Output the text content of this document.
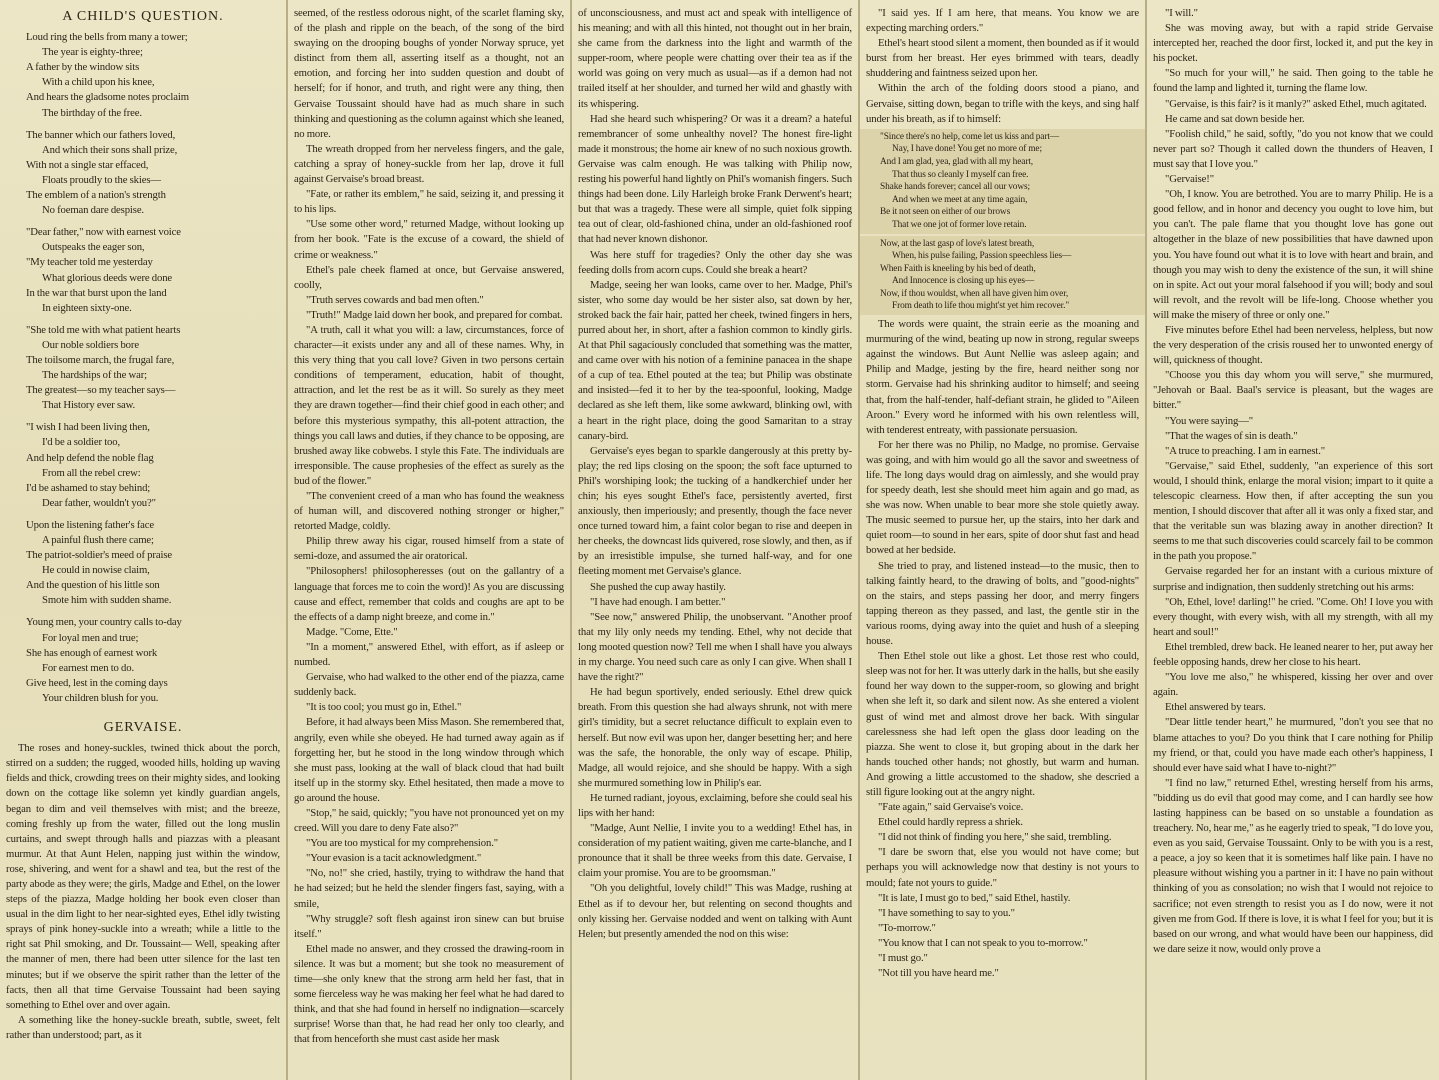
A CHILD'S QUESTION.
Loud ring the bells from many a tower;
The year is eighty-three;
A father by the window sits
With a child upon his knee,
And hears the gladsome notes proclaim
The birthday of the free.
The banner which our fathers loved,
And which their sons shall prize,
With not a single star effaced,
Floats proudly to the skies—
The emblem of a nation's strength
No foeman dare despise.
"Dear father," now with earnest voice
Outspeaks the eager son,
"My teacher told me yesterday
What glorious deeds were done
In the war that burst upon the land
In eighteen sixty-one.
"She told me with what patient hearts
Our noble soldiers bore
The toilsome march, the frugal fare,
The hardships of the war;
The greatest—so my teacher says—
That History ever saw.
"I wish I had been living then,
I'd be a soldier too,
And help defend the noble flag
From all the rebel crew:
I'd be ashamed to stay behind;
Dear father, wouldn't you?"
Upon the listening father's face
A painful flush there came;
The patriot-soldier's meed of praise
He could in nowise claim,
And the question of his little son
Smote him with sudden shame.
Young men, your country calls to-day
For loyal men and true;
She has enough of earnest work
For earnest men to do.
Give heed, lest in the coming days
Your children blush for you.
GERVAISE.

The roses and honey-suckles, twined thick about the porch, stirred on a sudden; the rugged, wooded hills, holding up waving fields and thick, crowding trees on their mighty sides, and looking down on the cottage like solemn yet kindly guardian angels, began to dim and veil themselves with mist; and the breeze, coming freshly up from the water, filled out the long muslin curtains, and swept through halls and piazzas with a pleasant murmur. At that Aunt Helen, napping just within the window, rose, shivering, and went for a shawl and tea, but the rest of the party abode as they were; the girls, Madge and Ethel, on the lower steps of the piazza, Madge holding her book even closer than usual in the dim light to her near-sighted eyes, Ethel idly twisting sprays of pink honey-suckle into a wreath; while a little to the right sat Phil smoking, and Dr. Toussaint— Well, speaking after the manner of men, there had been utter silence for the last ten minutes; but if we observe the spirit rather than the letter of the facts, then all that time Gervaise Toussaint had been saying something to Ethel over and over again.

A something like the honey-suckle breath, subtle, sweet, felt rather than understood; part, as it

seemed, of the restless odorous night, of the scarlet flaming sky, of the plash and ripple on the beach, of the song of the bird swaying on the drooping boughs of yonder Norway spruce, yet distinct from them all, asserting itself as a thought, not an emotion, and forcing her into sudden question and doubt of herself; for if honor, and truth, and right were any thing, then Gervaise Toussaint should have had as much share in such thinking and questioning as the column against which she leaned, no more.

The wreath dropped from her nerveless fingers, and the gale, catching a spray of honey-suckle from her lap, drove it full against Gervaise's broad breast.

"Fate, or rather its emblem," he said, seizing it, and pressing it to his lips.

"Use some other word," returned Madge, without looking up from her book. "Fate is the excuse of a coward, the shield of crime or weakness."

Ethel's pale cheek flamed at once, but Gervaise answered, coolly,

"Truth serves cowards and bad men often."

"Truth!" Madge laid down her book, and prepared for combat.

"A truth, call it what you will: a law, circumstances, force of character—it exists under any and all of these names. Why, in this very thing that you call love? Given in two persons certain conditions of temperament, education, habit of thought, attraction, and let the rest be as it will. So surely as they meet they are drawn together—find their chief good in each other; and before this mysterious sympathy, this all-potent attraction, the things you call laws and duties, if they chance to be opposing, are brushed away like cobwebs. I style this Fate. The individuals are irresponsible. The cause prophesies of the effect as surely as the bud of the flower."

"The convenient creed of a man who has found the weakness of human will, and discovered nothing stronger or higher," retorted Madge, coldly.

Philip threw away his cigar, roused himself from a state of semi-doze, and assumed the air oratorical.

"Philosophers! philosopheresses (out on the gallantry of a language that forces me to coin the word)! As you are discussing cause and effect, remember that colds and coughs are apt to be the effects of a damp night breeze, and come in."

Madge. "Come, Ette."

"In a moment," answered Ethel, with effort, as if asleep or numbed.

Gervaise, who had walked to the other end of the piazza, came suddenly back.

"It is too cool; you must go in, Ethel."

Before, it had always been Miss Mason. She remembered that, angrily, even while she obeyed. He had turned away again as if forgetting her, but he stood in the long window through which she must pass, looking at the wall of black cloud that had built itself up in the stormy sky. Ethel hesitated, then made a move to go around the house.

"Stop," he said, quickly; "you have not pronounced yet on my creed. Will you dare to deny Fate also?"

"You are too mystical for my comprehension."

"Your evasion is a tacit acknowledgment."

"No, no!" she cried, hastily, trying to withdraw the hand that he had seized; but he held the slender fingers fast, saying, with a smile,

"Why struggle? soft flesh against iron sinew can but bruise itself."

Ethel made no answer, and they crossed the drawing-room in silence. It was but a moment; but she took no measurement of time—she only knew that the strong arm held her fast, that in some fierceless way he was making her feel what he had dared to think, and that she had found in herself no indignation—scarcely surprise! Worse than that, he had read her only too clearly, and that from henceforth she must cast aside her mask

of unconsciousness, and must act and speak with intelligence of his meaning; and with all this hinted, not thought out in her brain, she came from the darkness into the light and warmth of the supper-room, where people were chatting over their tea as if the world was going on very much as usual—as if a demon had not trailed itself at her shoulder, and turned her wild and ghastly with its whispering.

Had she heard such whispering? Or was it a dream? a hateful remembrancer of some unhealthy novel? The honest fire-light made it monstrous; the home air knew of no such noxious growth. Gervaise was calm enough. He was talking with Philip now, resting his powerful hand lightly on Phil's womanish fingers. Such things had been done. Lily Harleigh broke Frank Derwent's heart; but that was a tragedy. These were all simple, quiet folk sipping tea out of clear, old-fashioned china, under an old-fashioned roof that had never known dishonor.

Was here stuff for tragedies? Only the other day she was feeding dolls from acorn cups. Could she break a heart?

Madge, seeing her wan looks, came over to her. Madge, Phil's sister, who some day would be her sister also, sat down by her, stroked back the fair hair, patted her cheek, twined fingers in hers, purred about her, in short, after a fashion common to kindly girls. At that Phil sagaciously concluded that something was the matter, and came over with his notion of a feminine panacea in the shape of a cup of tea. Ethel pouted at the tea; but Philip was obstinate and insisted—fed it to her by the tea-spoonful, looking, Madge declared as she left them, like some awkward, blinking owl, with a heart in the right place, doing the good Samaritan to a stray canary-bird.

Gervaise's eyes began to sparkle dangerously at this pretty by-play; the red lips closing on the spoon; the soft face upturned to Phil's worshiping look; the tucking of a handkerchief under her chin; his eyes sought Ethel's face, persistently averted, first anxiously, then imperiously; and presently, though the face never once turned toward him, a faint color began to rise and deepen in her cheeks, the downcast lids quivered, rose slowly, and then, as if by an irresistible impulse, she turned half-way, and for one fleeting moment met Gervaise's glance.

She pushed the cup away hastily.

"I have had enough. I am better."

"See now," answered Philip, the unobservant. "Another proof that my lily only needs my tending. Ethel, why not decide that long mooted question now? Tell me when I shall have you always in my charge. You need such care as only I can give. When shall I have the right?"

He had begun sportively, ended seriously. Ethel drew quick breath. From this question she had always shrunk, not with mere girl's timidity, but a secret reluctance difficult to explain even to herself. But now evil was upon her, danger besetting her; and here was the safe, the honorable, the only way of escape. Philip, Madge, all would rejoice, and she should be happy. With a sigh she murmured something low in Philip's ear.

He turned radiant, joyous, exclaiming, before she could seal his lips with her hand:

"Madge, Aunt Nellie, I invite you to a wedding! Ethel has, in consideration of my patient waiting, given me carte-blanche, and I pronounce that it shall be three weeks from this date. Gervaise, I claim your promise. You are to be groomsman."

"Oh you delightful, lovely child!" This was Madge, rushing at Ethel as if to devour her, but relenting on second thoughts and only kissing her. Gervaise nodded and went on talking with Aunt Helen; but presently amended the nod on this wise:

"I said yes. If I am here, that means. You know we are expecting marching orders."

Ethel's heart stood silent a moment, then bounded as if it would burst from her breast. Her eyes brimmed with tears, deadly shuddering and faintness seized upon her.

Within the arch of the folding doors stood a piano, and Gervaise, sitting down, began to trifle with the keys, and sing half under his breath, as if to himself:

"Since there's no help, come let us kiss and part—
Nay, I have done! You get no more of me;
And I am glad, yea, glad with all my heart,
That thus so cleanly I myself can free.
Shake hands forever; cancel all our vows;
And when we meet at any time again,
Be it not seen on either of our brows
That we one jot of former love retain.
Now, at the last gasp of love's latest breath,
When, his pulse failing, Passion speechless lies—
When Faith is kneeling by his bed of death,
And Innocence is closing up his eyes—
Now, if thou wouldst, when all have given him over,
From death to life thou might'st yet him recover."

The words were quaint, the strain eerie as the moaning and murmuring of the wind, beating up now in strong, regular sweeps against the windows. But Aunt Nellie was asleep again; and Philip and Madge, jesting by the fire, heard neither song nor storm. Gervaise had his shrinking auditor to himself; and seeing that, from the half-tender, half-defiant strain, he glided to "Aileen Aroon." Every word he informed with his own relentless will, with tenderest entreaty, with passionate persuasion.

For her there was no Philip, no Madge, no promise. Gervaise was going, and with him would go all the savor and sweetness of life. The long days would drag on aimlessly, and she would pray for speedy death, lest she should meet him again and go mad, as she was now. When unable to bear more she stole quietly away. The music seemed to pursue her, up the stairs, into her dark and quiet room—to sound in her ears, spite of door shut fast and head bowed at her bedside.

She tried to pray, and listened instead—to the music, then to talking faintly heard, to the drawing of bolts, and "good-nights" on the stairs, and steps passing her door, and merry fingers tapping thereon as they passed, and last, the gentle stir in the various rooms, dying away into the quiet and hush of a sleeping house.

Then Ethel stole out like a ghost. Let those rest who could, sleep was not for her. It was utterly dark in the halls, but she easily found her way down to the supper-room, so glowing and bright when she left it, so dark and silent now. As she entered a violent gust of wind met and almost drove her back. With singular carelessness she had left open the glass door leading on the piazza. She went to close it, but groping about in the dark her hands touched other hands; not ghostly, but warm and human. And growing a little accustomed to the shadow, she descried a still figure looking out at the angry night.

"Fate again," said Gervaise's voice.

Ethel could hardly repress a shriek.

"I did not think of finding you here," she said, trembling.

"I dare be sworn that, else you would not have come; but perhaps you will acknowledge now that destiny is not yours to mould; fate not yours to guide."

"It is late, I must go to bed," said Ethel, hastily.

"I have something to say to you."

"To-morrow."

"You know that I can not speak to you to-morrow."

"I must go."

"Not till you have heard me."

"I will."

She was moving away, but with a rapid stride Gervaise intercepted her, reached the door first, locked it, and put the key in his pocket.

"So much for your will," he said. Then going to the table he found the lamp and lighted it, turning the flame low.

"Gervaise, is this fair? is it manly?" asked Ethel, much agitated.

He came and sat down beside her.

"Foolish child," he said, softly, "do you not know that we could never part so? Though it called down the thunders of Heaven, I must say that I love you."

"Gervaise!"

"Oh, I know. You are betrothed. You are to marry Philip. He is a good fellow, and in honor and decency you ought to love him, but you can't. The pale flame that you thought love has gone out altogether in the blaze of new possibilities that have dawned upon you. You have found out what it is to love with heart and brain, and though you may wish to deny the existence of the sun, it will shine on in spite. Act out your moral falsehood if you will; body and soul will revolt, and the revolt will be life-long. Choose whether you will make the misery of three or only one."

Five minutes before Ethel had been nerveless, helpless, but now the very desperation of the crisis roused her to unwonted energy of will, quickness of thought.

"Choose you this day whom you will serve," she murmured, "Jehovah or Baal. Baal's service is pleasant, but the wages are bitter."

"You were saying—"

"That the wages of sin is death."

"A truce to preaching. I am in earnest."

"Gervaise," said Ethel, suddenly, "an experience of this sort would, I should think, enlarge the moral vision; impart to it quite a telescopic clearness. How then, if after accepting the sun you mention, I should discover that after all it was only a fixed star, and that the veritable sun was blazing away in another direction? It seems to me that such discoveries could scarcely fail to be common in the path you propose."

Gervaise regarded her for an instant with a curious mixture of surprise and indignation, then suddenly stretching out his arms:

"Oh, Ethel, love! darling!" he cried. "Come. Oh! I love you with every thought, with every wish, with all my strength, with all my heart and soul!"

Ethel trembled, drew back. He leaned nearer to her, put away her feeble opposing hands, drew her close to his heart.

"You love me also," he whispered, kissing her over and over again.

Ethel answered by tears.

"Dear little tender heart," he murmured, "don't you see that no blame attaches to you? Do you think that I care nothing for Philip my friend, or that, could you have made each other's happiness, I should ever have said what I have to-night?"

"I find no law," returned Ethel, wresting herself from his arms, "bidding us do evil that good may come, and I can hardly see how lasting happiness can be based on so unstable a foundation as treachery. No, hear me," as he eagerly tried to speak, "I do love you, even as you said, Gervaise Toussaint. Only to be with you is a rest, a peace, a joy so keen that it is sometimes half like pain. I have no pleasure without wishing you a partner in it: I have no pain without thinking of you as consolation; no wish that I would not rejoice to sacrifice; not even strength to resist you as I do now, were it not given me from God. If there is love, it is what I feel for you; but it is based on our wrong, and what would have been our happiness, did we dare seize it now, would only prove a
